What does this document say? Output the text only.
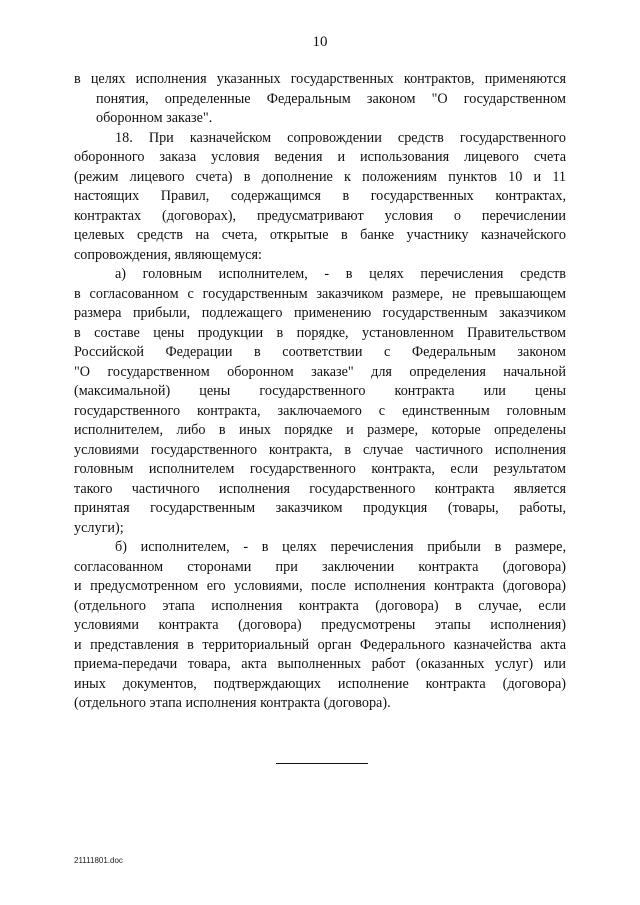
10
в целях исполнения указанных государственных контрактов, применяются
понятия, определенные Федеральным законом "О государственном
оборонном заказе".
18. При казначейском сопровождении средств государственного
оборонного заказа условия ведения и использования лицевого счета
(режим лицевого счета) в дополнение к положениям пунктов 10 и 11
настоящих Правил, содержащимся в государственных контрактах,
контрактах (договорах), предусматривают условия о перечислении
целевых средств на счета, открытые в банке участнику казначейского
сопровождения, являющемуся:
а) головным исполнителем, - в целях перечисления средств
в согласованном с государственным заказчиком размере, не превышающем
размера прибыли, подлежащего применению государственным заказчиком
в составе цены продукции в порядке, установленном Правительством
Российской Федерации в соответствии с Федеральным законом
"О государственном оборонном заказе" для определения начальной
(максимальной) цены государственного контракта или цены
государственного контракта, заключаемого с единственным головным
исполнителем, либо в иных порядке и размере, которые определены
условиями государственного контракта, в случае частичного исполнения
головным исполнителем государственного контракта, если результатом
такого частичного исполнения государственного контракта является
принятая государственным заказчиком продукция (товары, работы,
услуги);
б) исполнителем, - в целях перечисления прибыли в размере,
согласованном сторонами при заключении контракта (договора)
и предусмотренном его условиями, после исполнения контракта (договора)
(отдельного этапа исполнения контракта (договора) в случае, если
условиями контракта (договора) предусмотрены этапы исполнения)
и представления в территориальный орган Федерального казначейства акта
приема-передачи товара, акта выполненных работ (оказанных услуг) или
иных документов, подтверждающих исполнение контракта (договора)
(отдельного этапа исполнения контракта (договора).
21111801.doc
